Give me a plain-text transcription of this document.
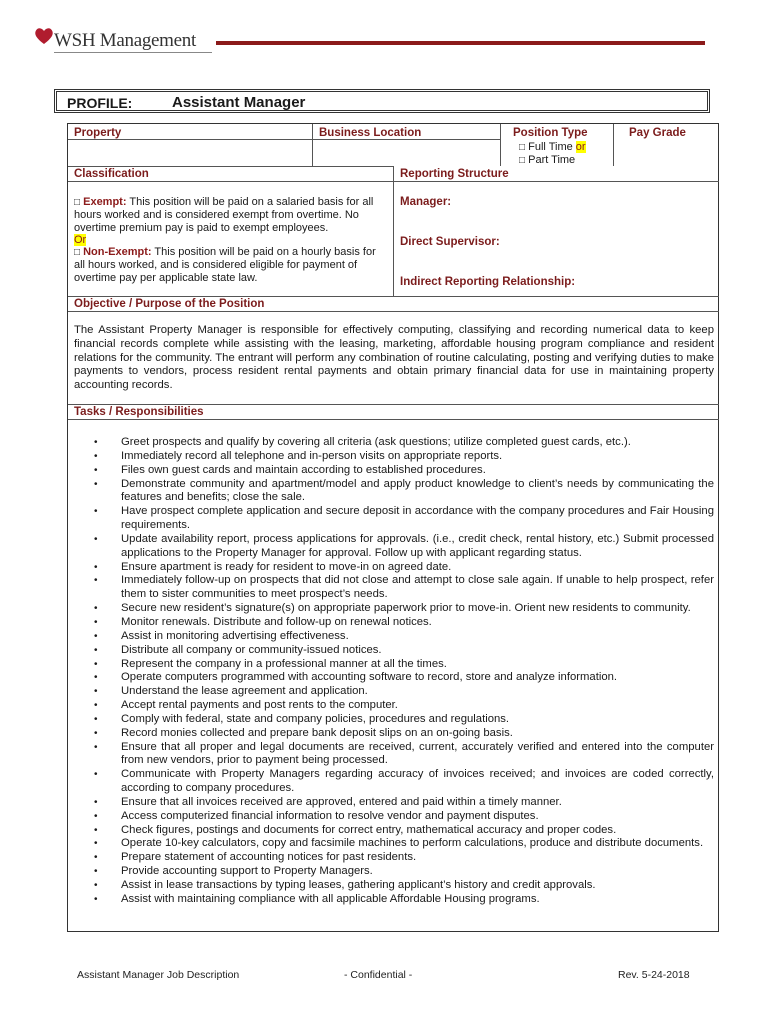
WSH Management
PROFILE:	Assistant Manager
Property	Business Location	Position Type	Pay Grade
□ Full Time or
□ Part Time
Classification	Reporting Structure
□ Exempt: This position will be paid on a salaried basis for all hours worked and is considered exempt from overtime. No overtime premium pay is paid to exempt employees.
Or
□ Non-Exempt: This position will be paid on a hourly basis for all hours worked, and is considered eligible for payment of overtime pay per applicable state law.
Manager:
Direct Supervisor:
Indirect Reporting Relationship:
Objective / Purpose of the Position
The Assistant Property Manager is responsible for effectively computing, classifying and recording numerical data to keep financial records complete while assisting with the leasing, marketing, affordable housing program compliance and resident relations for the community. The entrant will perform any combination of routine calculating, posting and verifying duties to make payments to vendors, process resident rental payments and obtain primary financial data for use in maintaining property accounting records.
Tasks / Responsibilities
• Greet prospects and qualify by covering all criteria (ask questions; utilize completed guest cards, etc.).
• Immediately record all telephone and in-person visits on appropriate reports.
• Files own guest cards and maintain according to established procedures.
• Demonstrate community and apartment/model and apply product knowledge to client’s needs by communicating the features and benefits; close the sale.
• Have prospect complete application and secure deposit in accordance with the company procedures and Fair Housing requirements.
• Update availability report, process applications for approvals. (i.e., credit check, rental history, etc.) Submit processed applications to the Property Manager for approval. Follow up with applicant regarding status.
• Ensure apartment is ready for resident to move-in on agreed date.
• Immediately follow-up on prospects that did not close and attempt to close sale again. If unable to help prospect, refer them to sister communities to meet prospect’s needs.
• Secure new resident’s signature(s) on appropriate paperwork prior to move-in. Orient new residents to community.
• Monitor renewals. Distribute and follow-up on renewal notices.
• Assist in monitoring advertising effectiveness.
• Distribute all company or community-issued notices.
• Represent the company in a professional manner at all the times.
• Operate computers programmed with accounting software to record, store and analyze information.
• Understand the lease agreement and application.
• Accept rental payments and post rents to the computer.
• Comply with federal, state and company policies, procedures and regulations.
• Record monies collected and prepare bank deposit slips on an on-going basis.
• Ensure that all proper and legal documents are received, current, accurately verified and entered into the computer from new vendors, prior to payment being processed.
• Communicate with Property Managers regarding accuracy of invoices received; and invoices are coded correctly, according to company procedures.
• Ensure that all invoices received are approved, entered and paid within a timely manner.
• Access computerized financial information to resolve vendor and payment disputes.
• Check figures, postings and documents for correct entry, mathematical accuracy and proper codes.
• Operate 10-key calculators, copy and facsimile machines to perform calculations, produce and distribute documents.
• Prepare statement of accounting notices for past residents.
• Provide accounting support to Property Managers.
• Assist in lease transactions by typing leases, gathering applicant’s history and credit approvals.
• Assist with maintaining compliance with all applicable Affordable Housing programs.
Assistant Manager Job Description	- Confidential -	Rev. 5-24-2018
